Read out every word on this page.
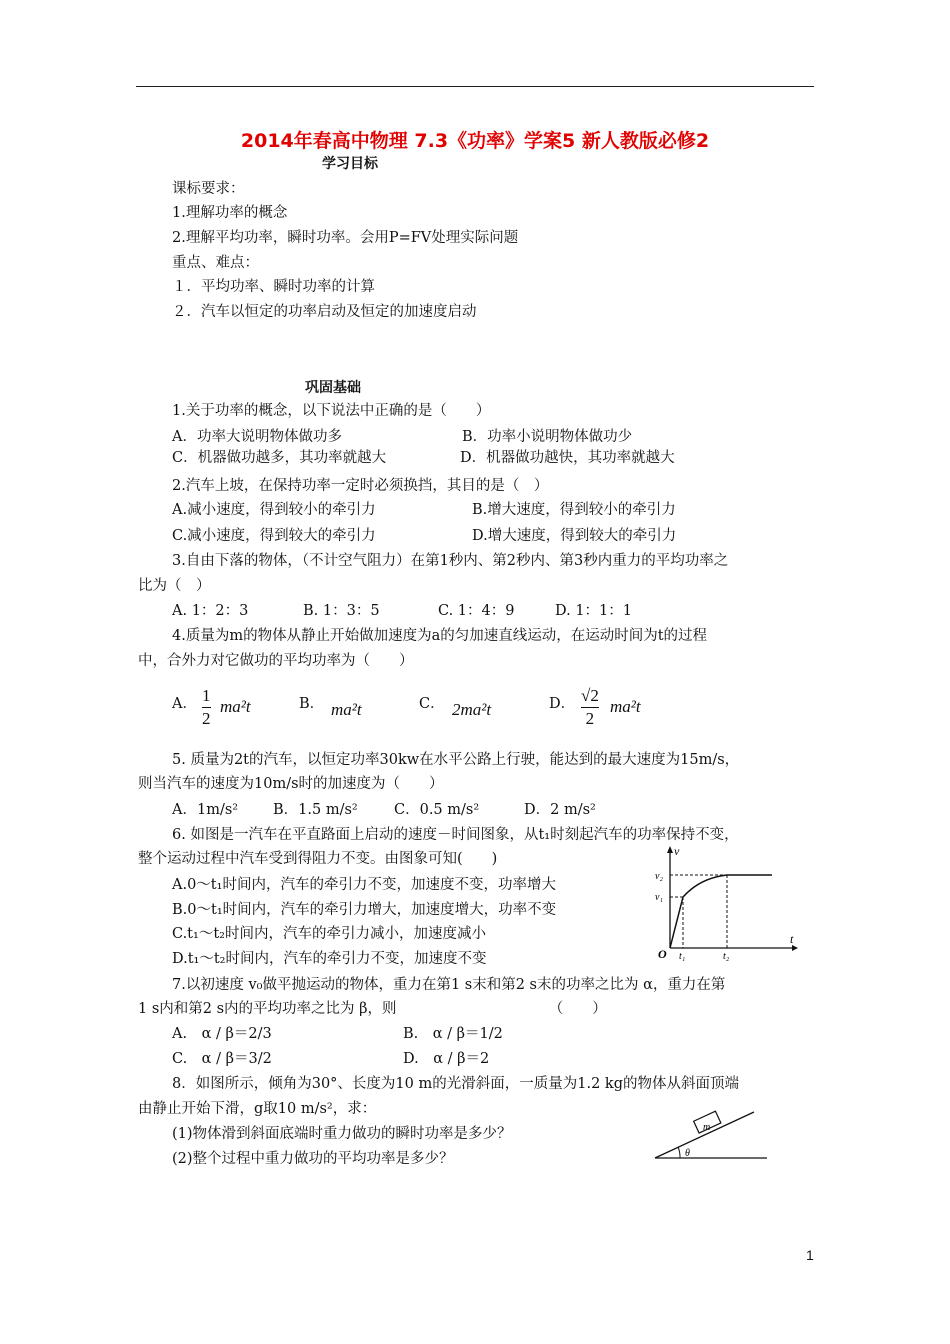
2014年春高中物理 7.3《功率》学案5 新人教版必修2
学习目标
课标要求：
1.理解功率的概念
2.理解平均功率，瞬时功率。会用P=FV处理实际问题
重点、难点：
１．平均功率、瞬时功率的计算
２．汽车以恒定的功率启动及恒定的加速度启动
巩固基础
1.关于功率的概念，以下说法中正确的是（　　）
A．功率大说明物体做功多	B．功率小说明物体做功少
C．机器做功越多，其功率就越大	D．机器做功越快，其功率就越大
2.汽车上坡，在保持功率一定时必须换挡，其目的是（　）
A.减小速度，得到较小的牵引力	B.增大速度，得到较小的牵引力
C.减小速度，得到较大的牵引力	D.增大速度，得到较大的牵引力
3.自由下落的物体，（不计空气阻力）在第1秒内、第2秒内、第3秒内重力的平均功率之
比为（　）
A. 1：2：3	B. 1：3：5	C. 1：4：9	D. 1：1：1
4.质量为m的物体从静止开始做加速度为a的匀加速直线运动，在运动时间为t的过程
中，合外力对它做功的平均功率为（　　）
A． 1
2
ma²t	B． ma²t	C． 2ma²t	D． √2
2
ma²t
5. 质量为2t的汽车，以恒定功率30kw在水平公路上行驶，能达到的最大速度为15m/s，
则当汽车的速度为10m/s时的加速度为（　　）
A．1m/s² B．1.5 m/s²	C．0.5 m/s²	D．2 m/s²
6. 如图是一汽车在平直路面上启动的速度－时间图象，从t₁时刻起汽车的功率保持不变，
整个运动过程中汽车受到得阻力不变。由图象可知(　　)
A.0～t₁时间内，汽车的牵引力不变，加速度不变，功率增大
B.0～t₁时间内，汽车的牵引力增大，加速度增大，功率不变
C.t₁～t₂时间内，汽车的牵引力减小，加速度减小
D.t₁～t₂时间内，汽车的牵引力不变，加速度不变
v
t
O
v₂
v₁
t₁	t₂
7.以初速度 v₀做平抛运动的物体，重力在第1 s末和第2 s末的功率之比为 α，重力在第
1 s内和第2 s内的平均功率之比为 β，则　　　　　　　　　　　（　　）
A.　α / β＝2/3	B.　α / β＝1/2
C.　α / β＝3/2	D.　α / β＝2
8．如图所示，倾角为30°、长度为10 m的光滑斜面，一质量为1.2 kg的物体从斜面顶端
由静止开始下滑，g取10 m/s²，求：
(1)物体滑到斜面底端时重力做功的瞬时功率是多少？
(2)整个过程中重力做功的平均功率是多少？
m
θ
1
